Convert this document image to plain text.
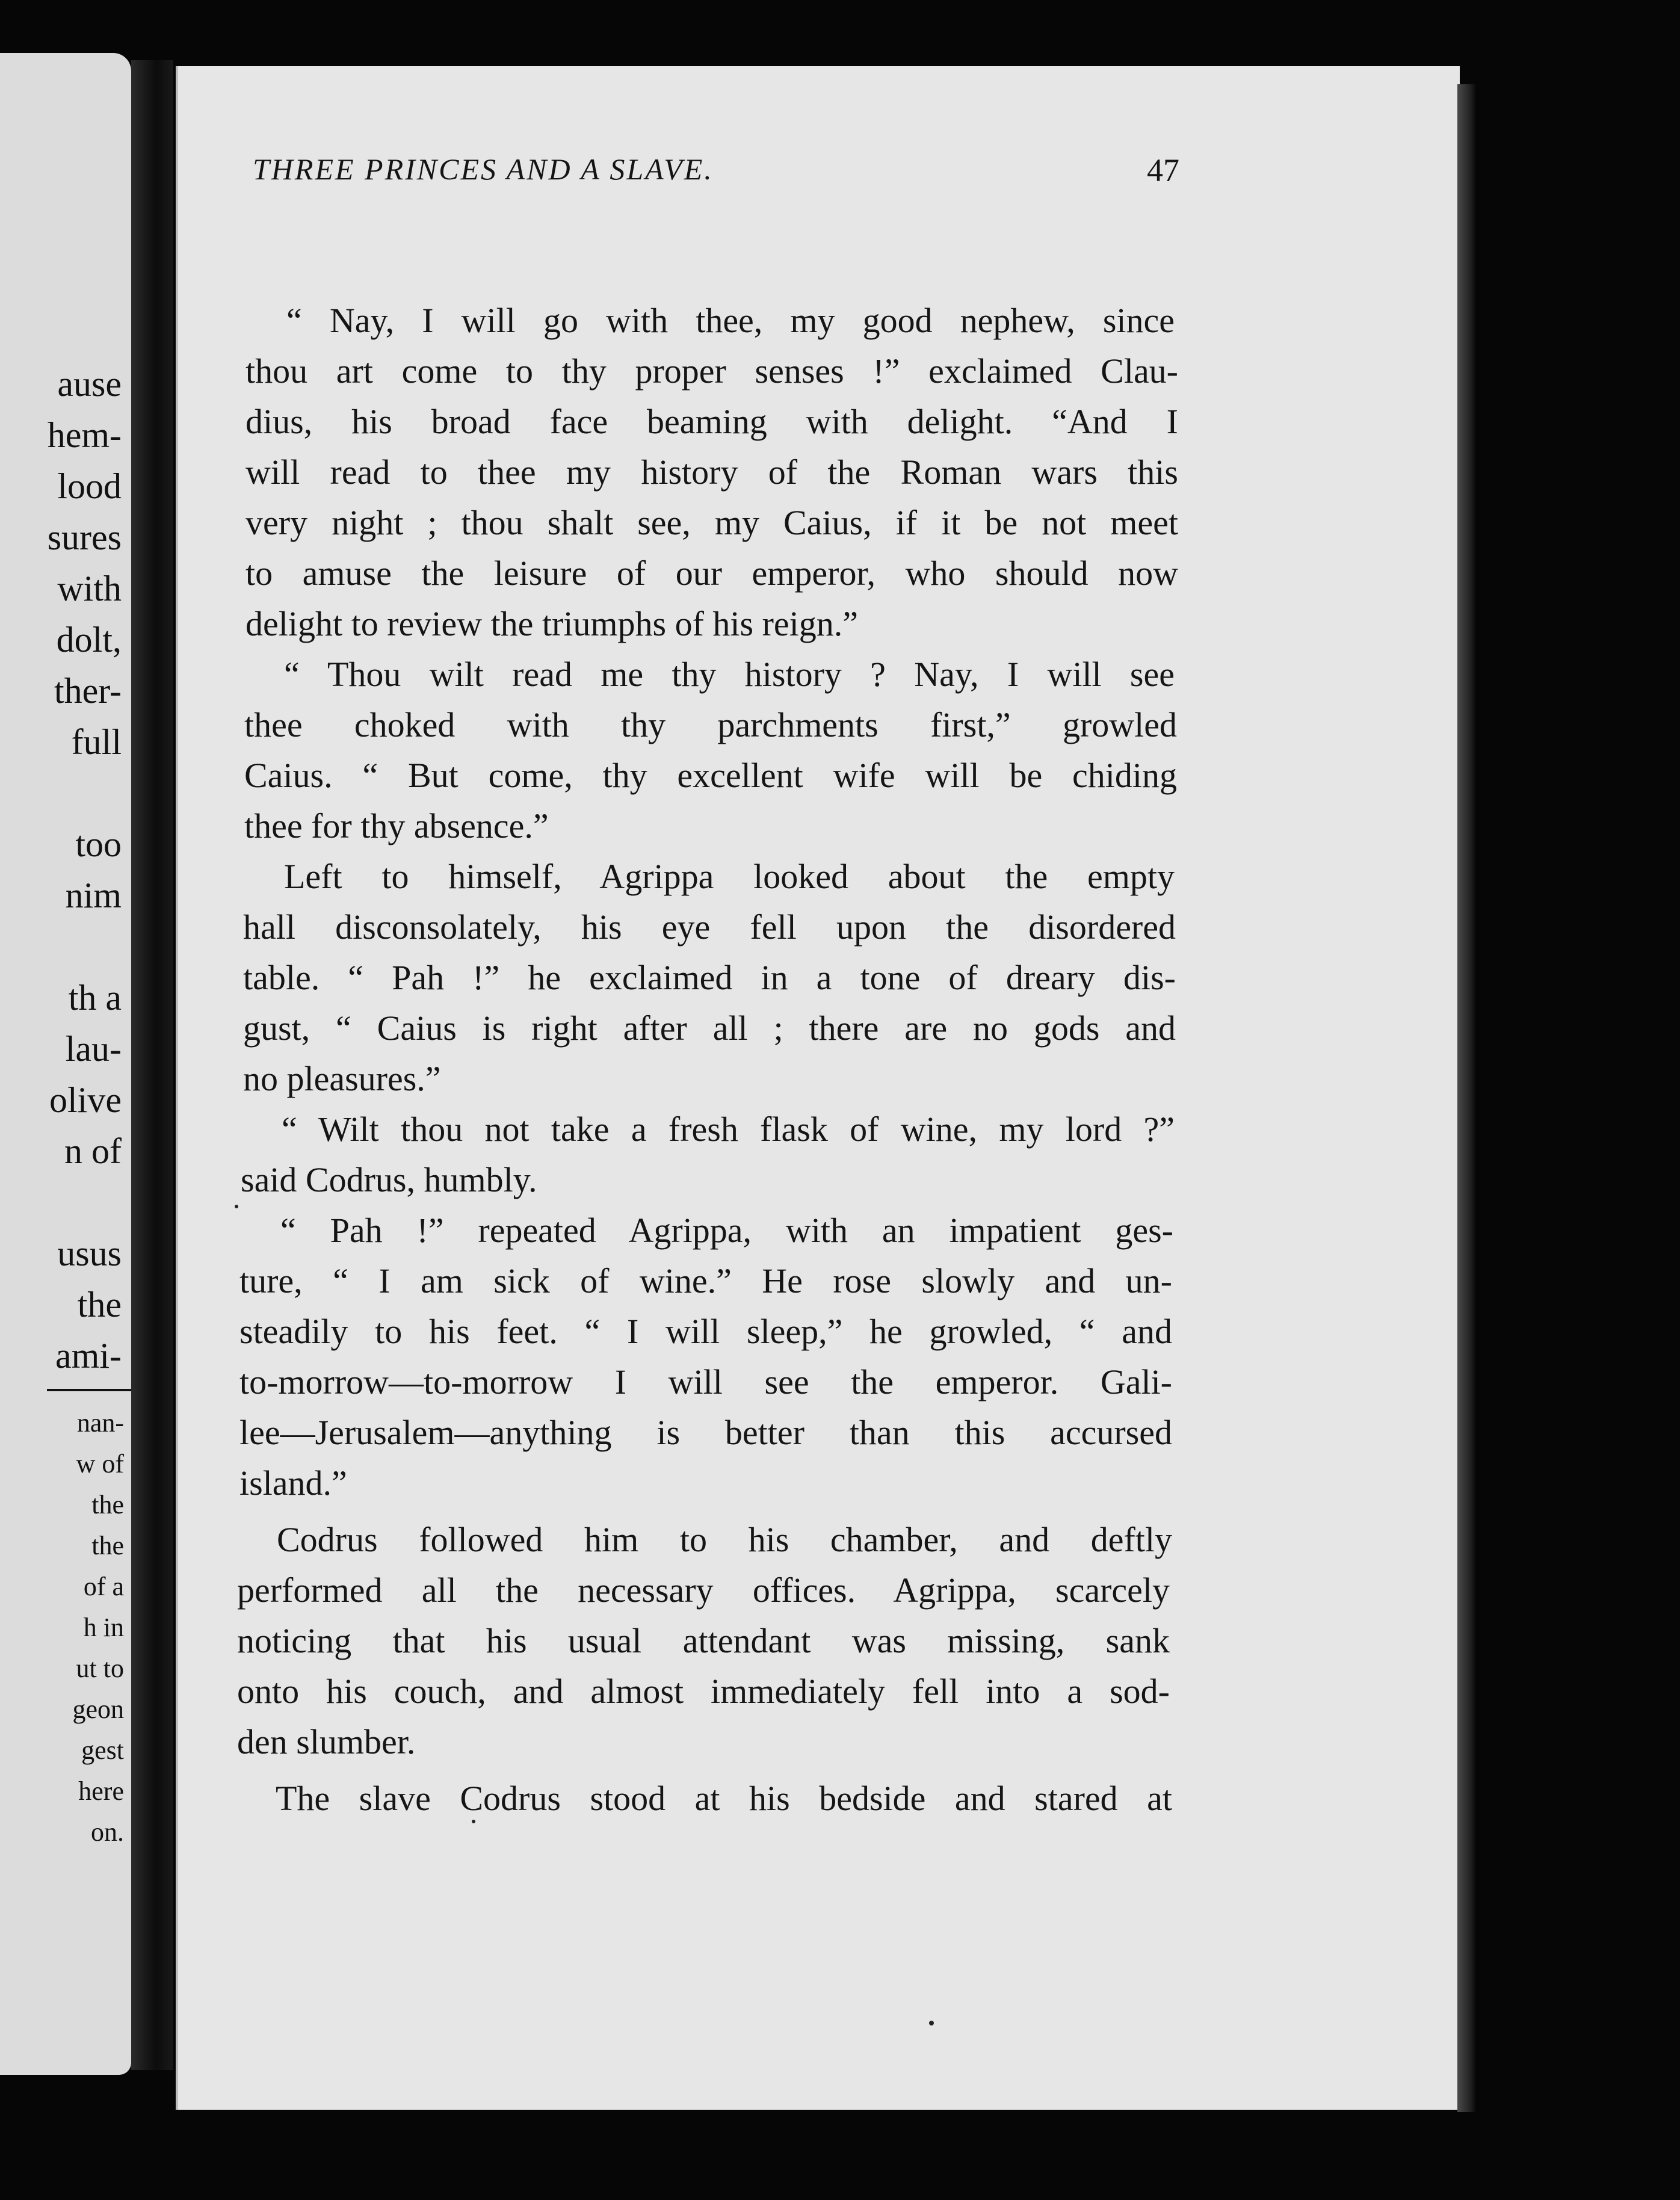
ause
hem-
lood
sures
with
dolt,
ther-
full
too
nim
th a
lau-
olive
n of
usus
the
ami-
nan-
w of
the
the
of a
h in
ut to
geon
gest
here
on.
THREE PRINCES AND A SLAVE.	47
“ Nay, I will go with thee, my good nephew, since
thou art come to thy proper senses !” exclaimed Clau-
dius, his broad face beaming with delight. “And I
will read to thee my history of the Roman wars this
very night ; thou shalt see, my Caius, if it be not meet
to amuse the leisure of our emperor, who should now
delight to review the triumphs of his reign.”
“ Thou wilt read me thy history ? Nay, I will see
thee choked with thy parchments first,” growled
Caius. “ But come, thy excellent wife will be chiding
thee for thy absence.”
Left to himself, Agrippa looked about the empty
hall disconsolately, his eye fell upon the disordered
table. “ Pah !” he exclaimed in a tone of dreary dis-
gust, “ Caius is right after all ; there are no gods and
no pleasures.”
“ Wilt thou not take a fresh flask of wine, my lord ?”
said Codrus, humbly.
“ Pah !” repeated Agrippa, with an impatient ges-
ture, “ I am sick of wine.” He rose slowly and un-
steadily to his feet. “ I will sleep,” he growled, “ and
to-morrow—to-morrow I will see the emperor. Gali-
lee—Jerusalem—anything is better than this accursed
island.”
Codrus followed him to his chamber, and deftly
performed all the necessary offices. Agrippa, scarcely
noticing that his usual attendant was missing, sank
onto his couch, and almost immediately fell into a sod-
den slumber.
The slave Codrus stood at his bedside and stared at
